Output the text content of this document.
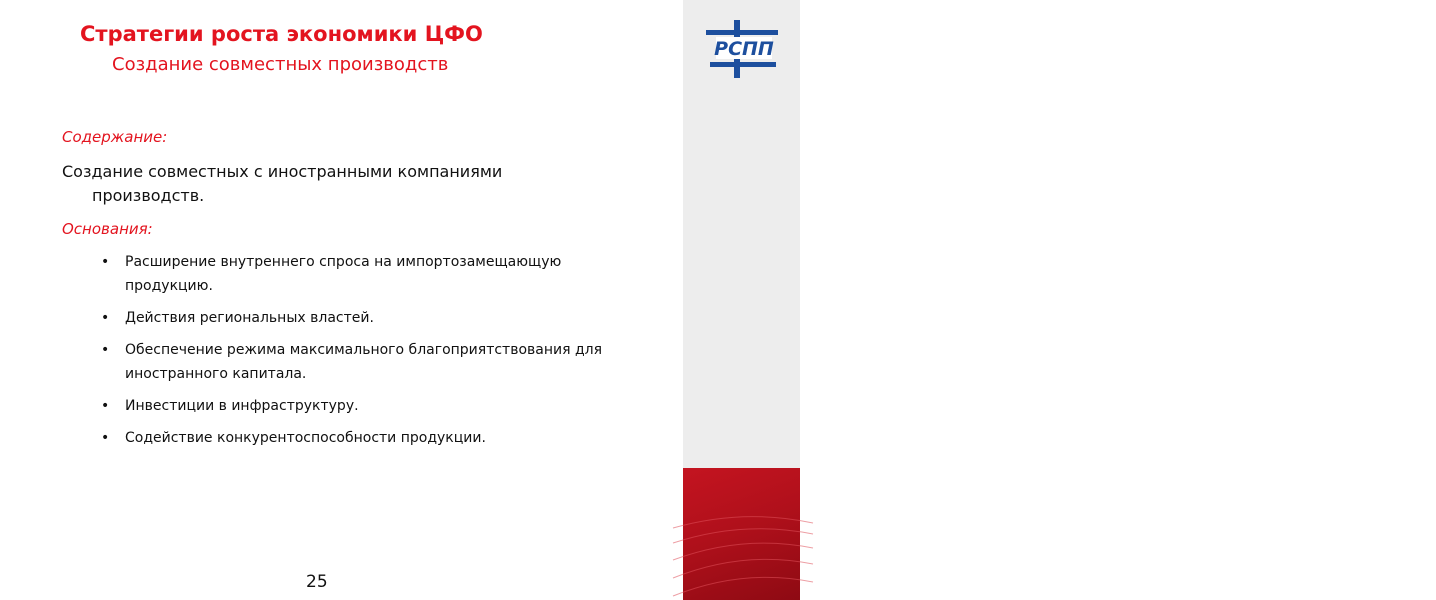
25
РСПП
Стратегии роста экономики ЦФО
Создание совместных производств
Содержание:
Создание совместных с иностранными компаниями производств.
Основания:
• Расширение внутреннего спроса на импортозамещающую продукцию.
• Действия региональных властей.
• Обеспечение режима максимального благоприятствования для иностранного капитала.
• Инвестиции в инфраструктуру.
• Содействие конкурентоспособности продукции.
25
